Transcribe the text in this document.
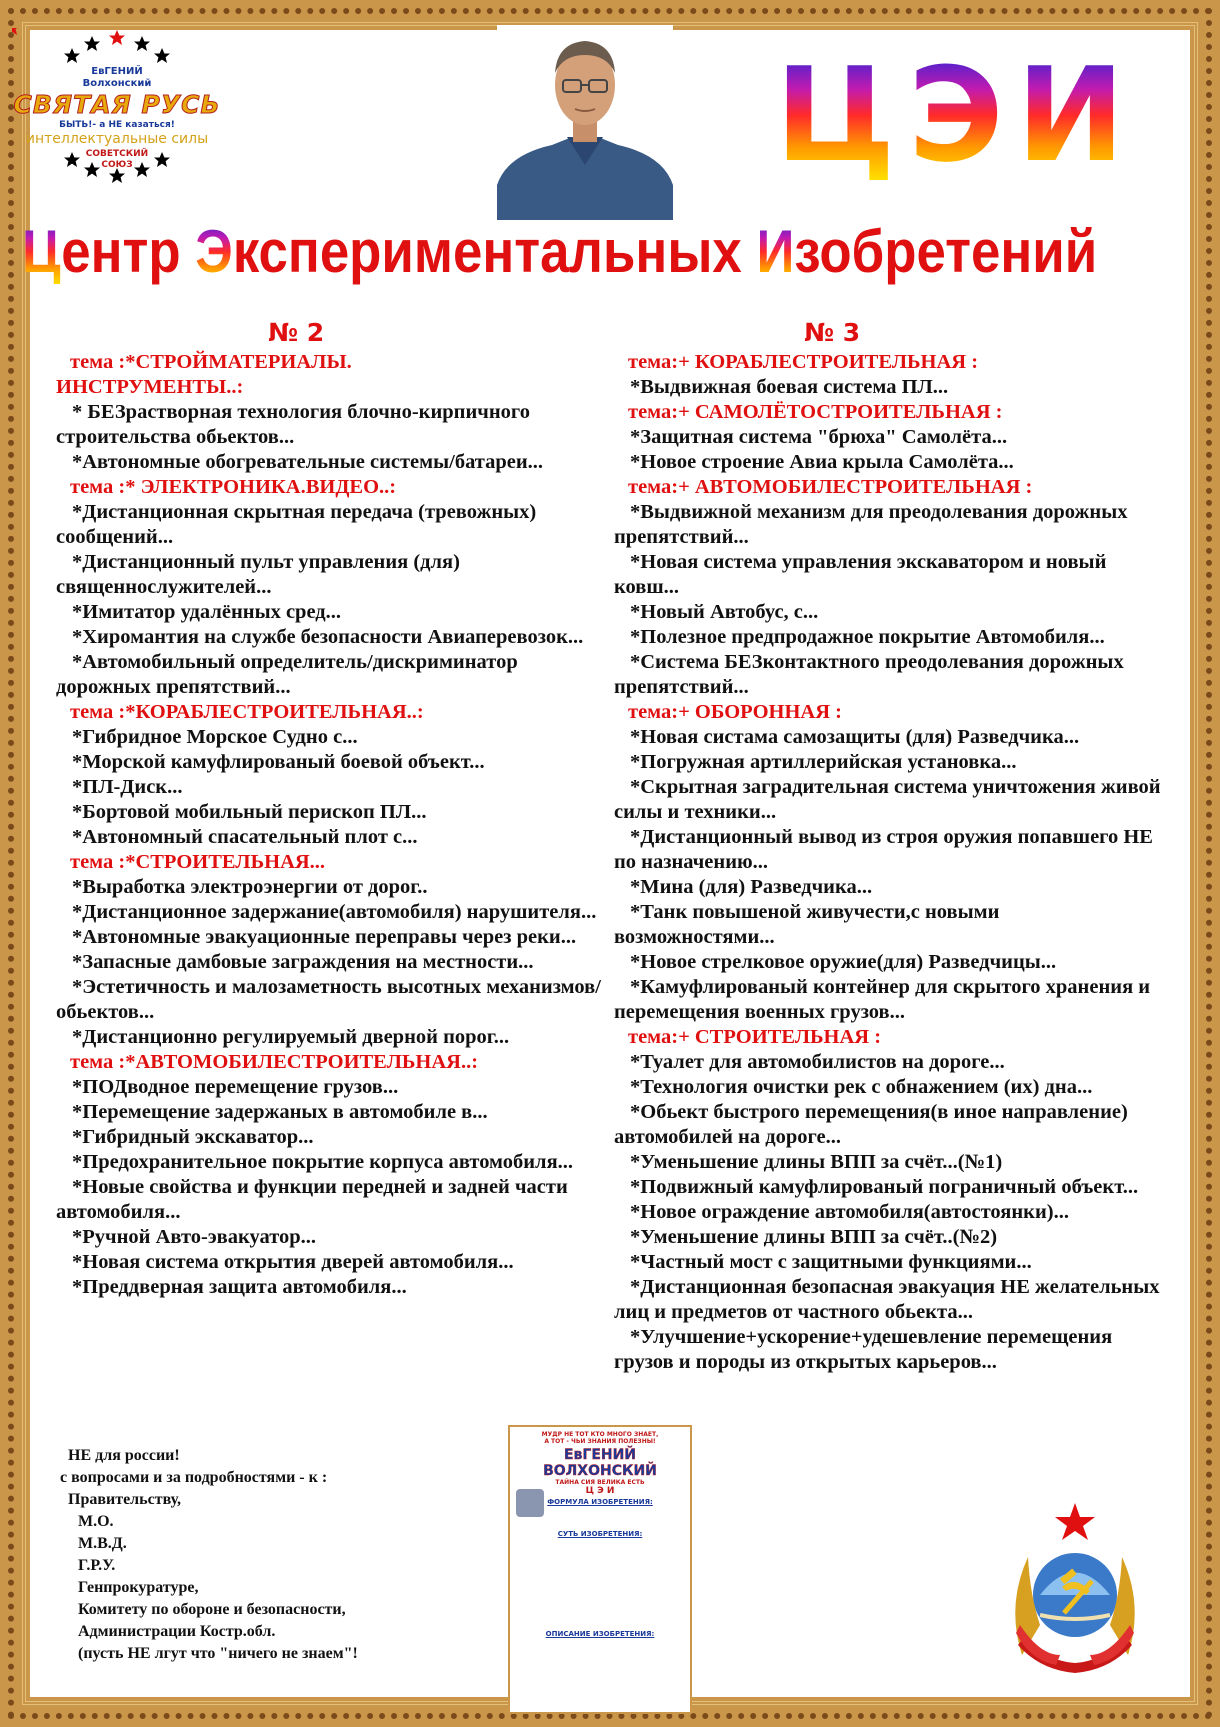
ЕвГЕНИЙ
Волхонский
СВЯТАЯ РУСЬ
БЫТЬ!- а НЕ казаться!
интеллектуальные силы
СОВЕТСКИЙ
СОЮЗ	Ц Э И
Центр Экспериментальных Изобретений
№ 2	№ 3

тема :*СТРОЙМАТЕРИАЛЫ.

ИНСТРУМЕНТЫ..:

* БЕЗрастворная технология блочно-кирпичного строительства обьектов...

*Автономные обогревательные системы/батареи...

тема :* ЭЛЕКТРОНИКА.ВИДЕО..:

*Дистанционная скрытная передача (тревожных) сообщений...

*Дистанционный пульт управления (для) священнослужителей...

*Имитатор удалённых сред...

*Хиромантия на службе безопасности Авиаперевозок...

*Автомобильный определитель/дискриминатор дорожных препятствий...

тема :*КОРАБЛЕСТРОИТЕЛЬНАЯ..:

*Гибридное Морское Судно с...

*Морской камуфлированый боевой объект...

*ПЛ-Диск...

*Бортовой мобильный перископ ПЛ...

*Автономный спасательный плот с...

тема :*СТРОИТЕЛЬНАЯ...

*Выработка электроэнергии от дорог..

*Дистанционное задержание(автомобиля) нарушителя...

*Автономные эвакуационные переправы через реки...

*Запасные дамбовые заграждения на местности...

*Эстетичность и малозаметность высотных механизмов/обьектов...

*Дистанционно регулируемый дверной порог...

тема :*АВТОМОБИЛЕСТРОИТЕЛЬНАЯ..:

*ПОДводное перемещение грузов...

*Перемещение задержаных в автомобиле в...

*Гибридный экскаватор...

*Предохранительное покрытие корпуса автомобиля...

*Новые свойства и функции передней и задней части автомобиля...

*Ручной Авто-эвакуатор...

*Новая система открытия дверей автомобиля...

*Преддверная защита автомобиля...

тема:+ КОРАБЛЕСТРОИТЕЛЬНАЯ :

*Выдвижная боевая система ПЛ...

тема:+ САМОЛЁТОСТРОИТЕЛЬНАЯ :

*Защитная система "брюха" Самолёта...

*Новое строение Авиа крыла Самолёта...

тема:+ АВТОМОБИЛЕСТРОИТЕЛЬНАЯ :

*Выдвижной механизм для преодолевания дорожных препятствий...

*Новая система управления экскаватором и новый ковш...

*Новый Автобус, с...

*Полезное предпродажное покрытие Автомобиля...

*Система БЕЗконтактного преодолевания дорожных препятствий...

тема:+ ОБОРОННАЯ :

*Новая систама самозащиты (для) Разведчика...

*Погружная артиллерийская установка...

*Скрытная заградительная система уничтожения живой силы и техники...

*Дистанционный вывод из строя оружия попавшего НЕ по назначению...

*Мина (для) Разведчика...

*Танк повышеной живучести,с новыми возможностями...

*Новое стрелковое оружие(для) Разведчицы...

*Камуфлированый контейнер для скрытого хранения и перемещения военных грузов...

тема:+ СТРОИТЕЛЬНАЯ :

*Туалет для автомобилистов на дороге...

*Технология очистки рек с обнажением (их) дна...

*Обьект быстрого перемещения(в иное направление) автомобилей на дороге...

*Уменьшение длины ВПП за счёт...(№1)

*Подвижный камуфлированый пограничный объект...

*Новое ограждение автомобиля(автостоянки)...

*Уменьшение длины ВПП за счёт..(№2)

*Частный мост с защитными функциями...

*Дистанционная безопасная эвакуация НЕ желательных лиц и предметов от частного обьекта...

*Улучшение+ускорение+удешевление перемещения грузов и породы из открытых карьеров...

НЕ для россии!

с вопросами и за подробностями - к :

Правительству,

М.О.

М.В.Д.

Г.Р.У.

Генпрокуратуре,

Комитету по обороне и безопасности,

Администрации Костр.обл.

(пусть НЕ лгут что "ничего не знаем"!

МУДР НЕ ТОТ КТО МНОГО ЗНАЕТ,
А ТОТ - ЧЬИ ЗНАНИЯ ПОЛЕЗНЫ!
ЕвГЕНИЙ ВОЛХОНСКИЙ
ТАЙНА СИЯ ВЕЛИКА ЕСТЬ
Ц Э И
ФОРМУЛА ИЗОБРЕТЕНИЯ:
СУТЬ ИЗОБРЕТЕНИЯ:
ОПИСАНИЕ ИЗОБРЕТЕНИЯ:
